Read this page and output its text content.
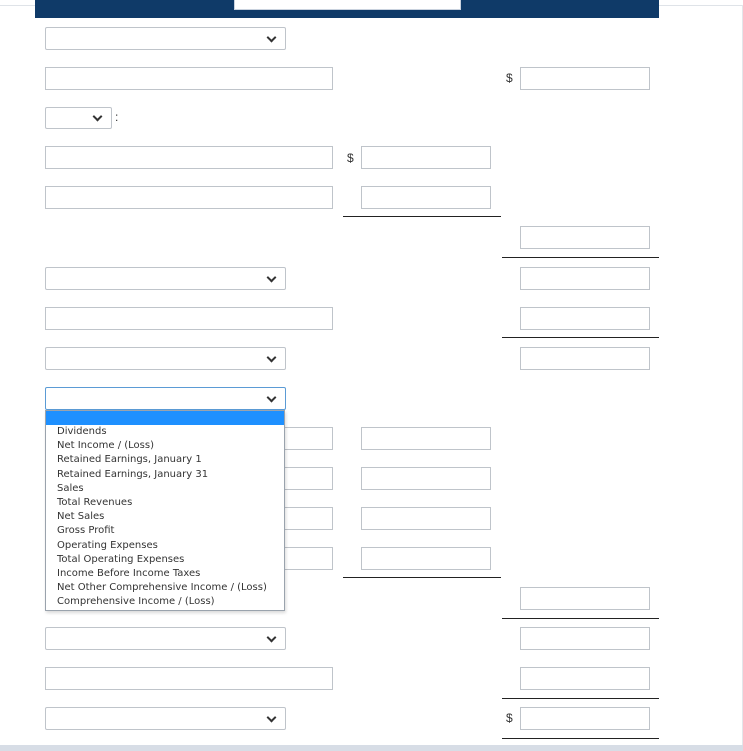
$
:
$
$
Dividends
Net Income / (Loss)
Retained Earnings, January 1
Retained Earnings, January 31
Sales
Total Revenues
Net Sales
Gross Profit
Operating Expenses
Total Operating Expenses
Income Before Income Taxes
Net Other Comprehensive Income / (Loss)
Comprehensive Income / (Loss)
